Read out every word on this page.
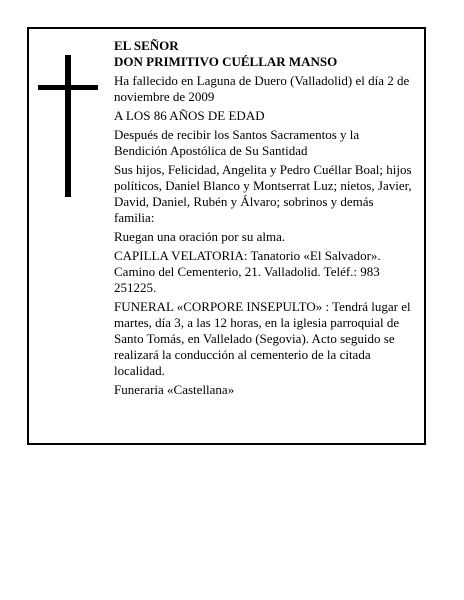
EL SEÑOR

DON PRIMITIVO CUÉLLAR MANSO

Ha fallecido en Laguna de Duero (Valladolid) el día 2 de noviembre de 2009

A LOS 86 AÑOS DE EDAD

Después de recibir los Santos Sacramentos y la Bendición Apostólica de Su Santidad

Sus hijos, Felicidad, Angelita y Pedro Cuéllar Boal; hijos políticos, Daniel Blanco y Montserrat Luz; nietos, Javier, David, Daniel, Rubén y Álvaro; sobrinos y demás familia:

Ruegan una oración por su alma.

CAPILLA VELATORIA: Tanatorio «El Salvador». Camino del Cementerio, 21. Valladolid. Teléf.: 983 251225.

FUNERAL «CORPORE INSEPULTO» : Tendrá lugar el martes, día 3, a las 12 horas, en la iglesia parroquial de Santo Tomás, en Vallelado (Segovia). Acto seguido se realizará la conducción al cementerio de la citada localidad.

Funeraria «Castellana»
